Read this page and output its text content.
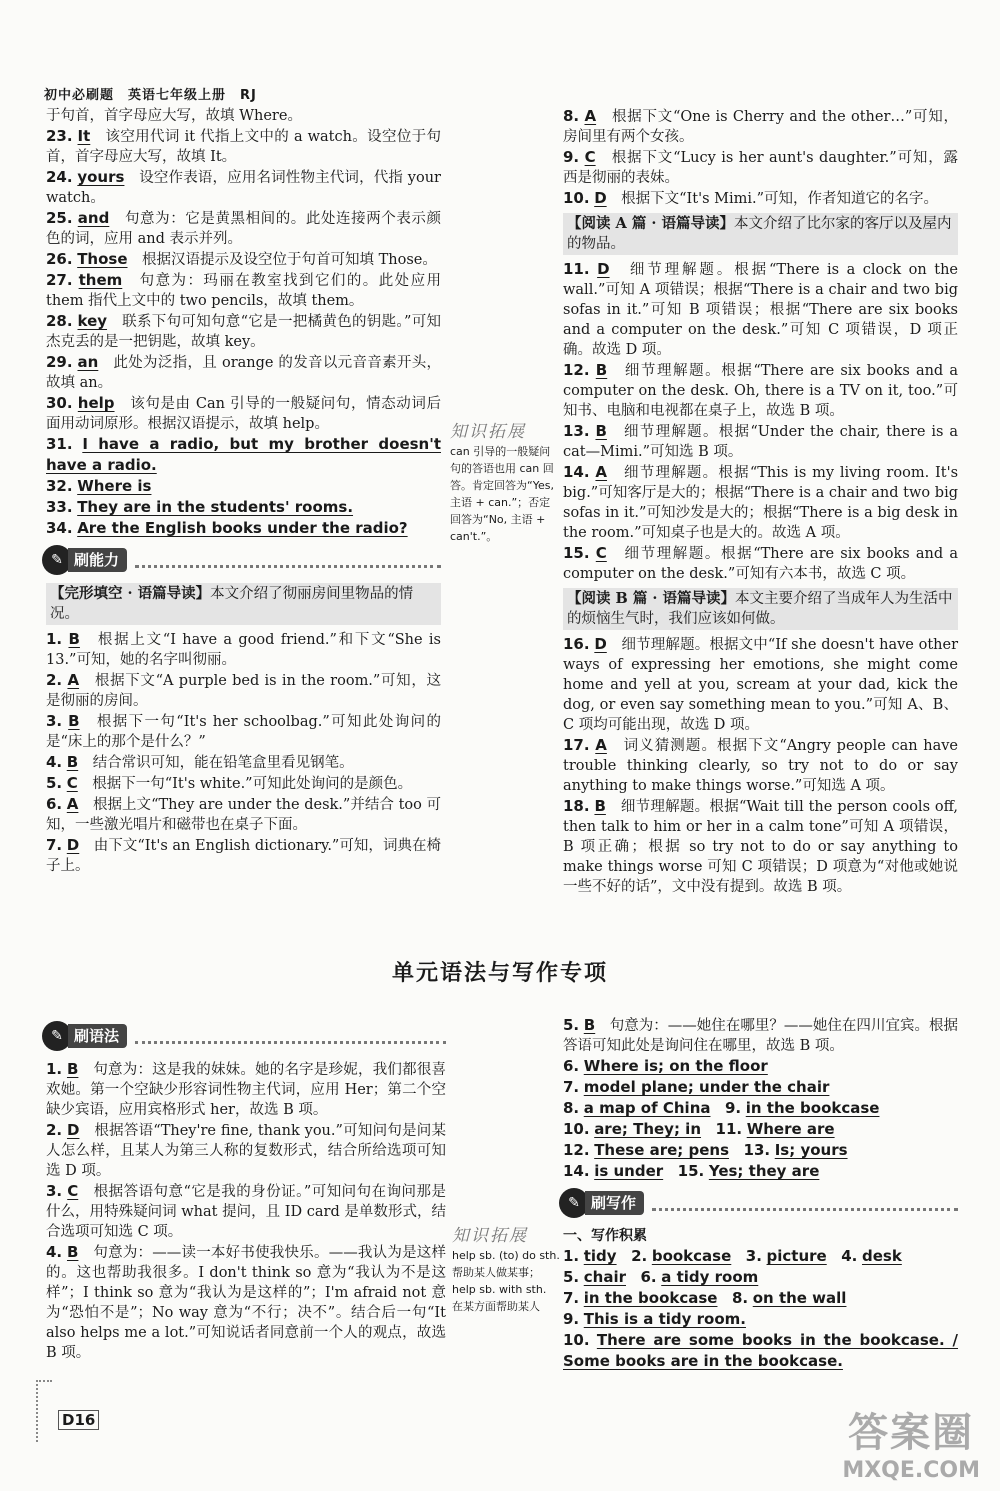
初中必刷题　英语七年级上册　RJ
于句首，首字母应大写，故填 Where。
23. It　 该空用代词 it 代指上文中的 a watch。设空位于句首，首字母应大写，故填 It。
24. yours　 设空作表语，应用名词性物主代词，代指 your watch。
25. and　 句意为：它是黄黑相间的。此处连接两个表示颜色的词，应用 and 表示并列。
26. Those　 根据汉语提示及设空位于句首可知填 Those。
27. them　 句意为：玛丽在教室找到它们的。此处应用 them 指代上文中的 two pencils，故填 them。
28. key　 联系下句可知句意“它是一把橘黄色的钥匙。”可知杰克丢的是一把钥匙，故填 key。
29. an　 此处为泛指，且 orange 的发音以元音音素开头，故填 an。
30. help　 该句是由 Can 引导的一般疑问句，情态动词后面用动词原形。根据汉语提示，故填 help。
31. I have a radio, but my brother doesn't have a radio.
32. Where is
33. They are in the students' rooms.
34. Are the English books under the radio?
✎ 刷能力
【完形填空 · 语篇导读】本文介绍了彻丽房间里物品的情况。
1. B　 根据上文“I have a good friend.”和下文“She is 13.”可知，她的名字叫彻丽。
2. A　 根据下文“A purple bed is in the room.”可知，这是彻丽的房间。
3. B　 根据下一句“It's her schoolbag.”可知此处询问的是“床上的那个是什么？”
4. B　 结合常识可知，能在铅笔盒里看见钢笔。
5. C　 根据下一句“It's white.”可知此处询问的是颜色。
6. A　 根据上文“They are under the desk.”并结合 too 可知，一些激光唱片和磁带也在桌子下面。
7. D　 由下文“It's an English dictionary.”可知，词典在椅子上。
知识拓展
can 引导的一般疑问句的答语也用 can 回答。肯定回答为“Yes, 主语 + can.”；否定回答为“No, 主语 + can't.”。
8. A　 根据下文“One is Cherry and the other…”可知，房间里有两个女孩。
9. C　 根据下文“Lucy is her aunt's daughter.”可知，露西是彻丽的表妹。
10. D　 根据下文“It's Mimi.”可知，作者知道它的名字。
【阅读 A 篇 · 语篇导读】本文介绍了比尔家的客厅以及屋内的物品。
11. D　 细节理解题。根据“There is a clock on the wall.”可知 A 项错误；根据“There is a chair and two big sofas in it.”可知 B 项错误；根据“There are six books and a computer on the desk.”可知 C 项错误，D 项正确。故选 D 项。
12. B　 细节理解题。根据“There are six books and a computer on the desk. Oh, there is a TV on it, too.”可知书、电脑和电视都在桌子上，故选 B 项。
13. B　 细节理解题。根据“Under the chair, there is a cat—Mimi.”可知选 B 项。
14. A　 细节理解题。根据“This is my living room. It's big.”可知客厅是大的；根据“There is a chair and two big sofas in it.”可知沙发是大的；根据“There is a big desk in the room.”可知桌子也是大的。故选 A 项。
15. C　 细节理解题。根据“There are six books and a computer on the desk.”可知有六本书，故选 C 项。
【阅读 B 篇 · 语篇导读】本文主要介绍了当成年人为生活中的烦恼生气时，我们应该如何做。
16. D　 细节理解题。根据文中“If she doesn't have other ways of expressing her emotions, she might come home and yell at you, scream at your dad, kick the dog, or even say something mean to you.”可知 A、B、C 项均可能出现，故选 D 项。
17. A　 词义猜测题。根据下文“Angry people can have trouble thinking clearly, so try not to do or say anything to make things worse.”可知选 A 项。
18. B　 细节理解题。根据“Wait till the person cools off, then talk to him or her in a calm tone”可知 A 项错误，B 项正确；根据 so try not to do or say anything to make things worse 可知 C 项错误；D 项意为“对他或她说一些不好的话”，文中没有提到。故选 B 项。
单元语法与写作专项
✎ 刷语法
1. B　 句意为：这是我的妹妹。她的名字是珍妮，我们都很喜欢她。第一个空缺少形容词性物主代词，应用 Her；第二个空缺少宾语，应用宾格形式 her，故选 B 项。
2. D　 根据答语“They're fine, thank you.”可知问句是问某人怎么样，且某人为第三人称的复数形式，结合所给选项可知选 D 项。
3. C　 根据答语句意“它是我的身份证。”可知问句在询问那是什么，用特殊疑问词 what 提问，且 ID card 是单数形式，结合选项可知选 C 项。
4. B　 句意为：——读一本好书使我快乐。——我认为是这样的。这也帮助我很多。I don't think so 意为“我认为不是这样”；I think so 意为“我认为是这样的”；I'm afraid not 意为“恐怕不是”；No way 意为“不行；决不”。结合后一句“It also helps me a lot.”可知说话者同意前一个人的观点，故选 B 项。
知识拓展
help sb. (to) do sth. 帮助某人做某事；help sb. with sth. 在某方面帮助某人
5. B　 句意为：——她住在哪里？——她住在四川宜宾。根据答语可知此处是询问住在哪里，故选 B 项。
6. Where is; on the floor
7. model plane; under the chair
8. a map of China　 9. in the bookcase
10. are; They; in　 11. Where are
12. These are; pens　 13. Is; yours
14. is under　 15. Yes; they are
✎ 刷写作
一、写作积累
1. tidy　 2. bookcase　 3. picture　 4. desk
5. chair　 6. a tidy room
7. in the bookcase　 8. on the wall
9. This is a tidy room.
10. There are some books in the bookcase. / Some books are in the bookcase.
D16	答案圈
MXQE.COM
